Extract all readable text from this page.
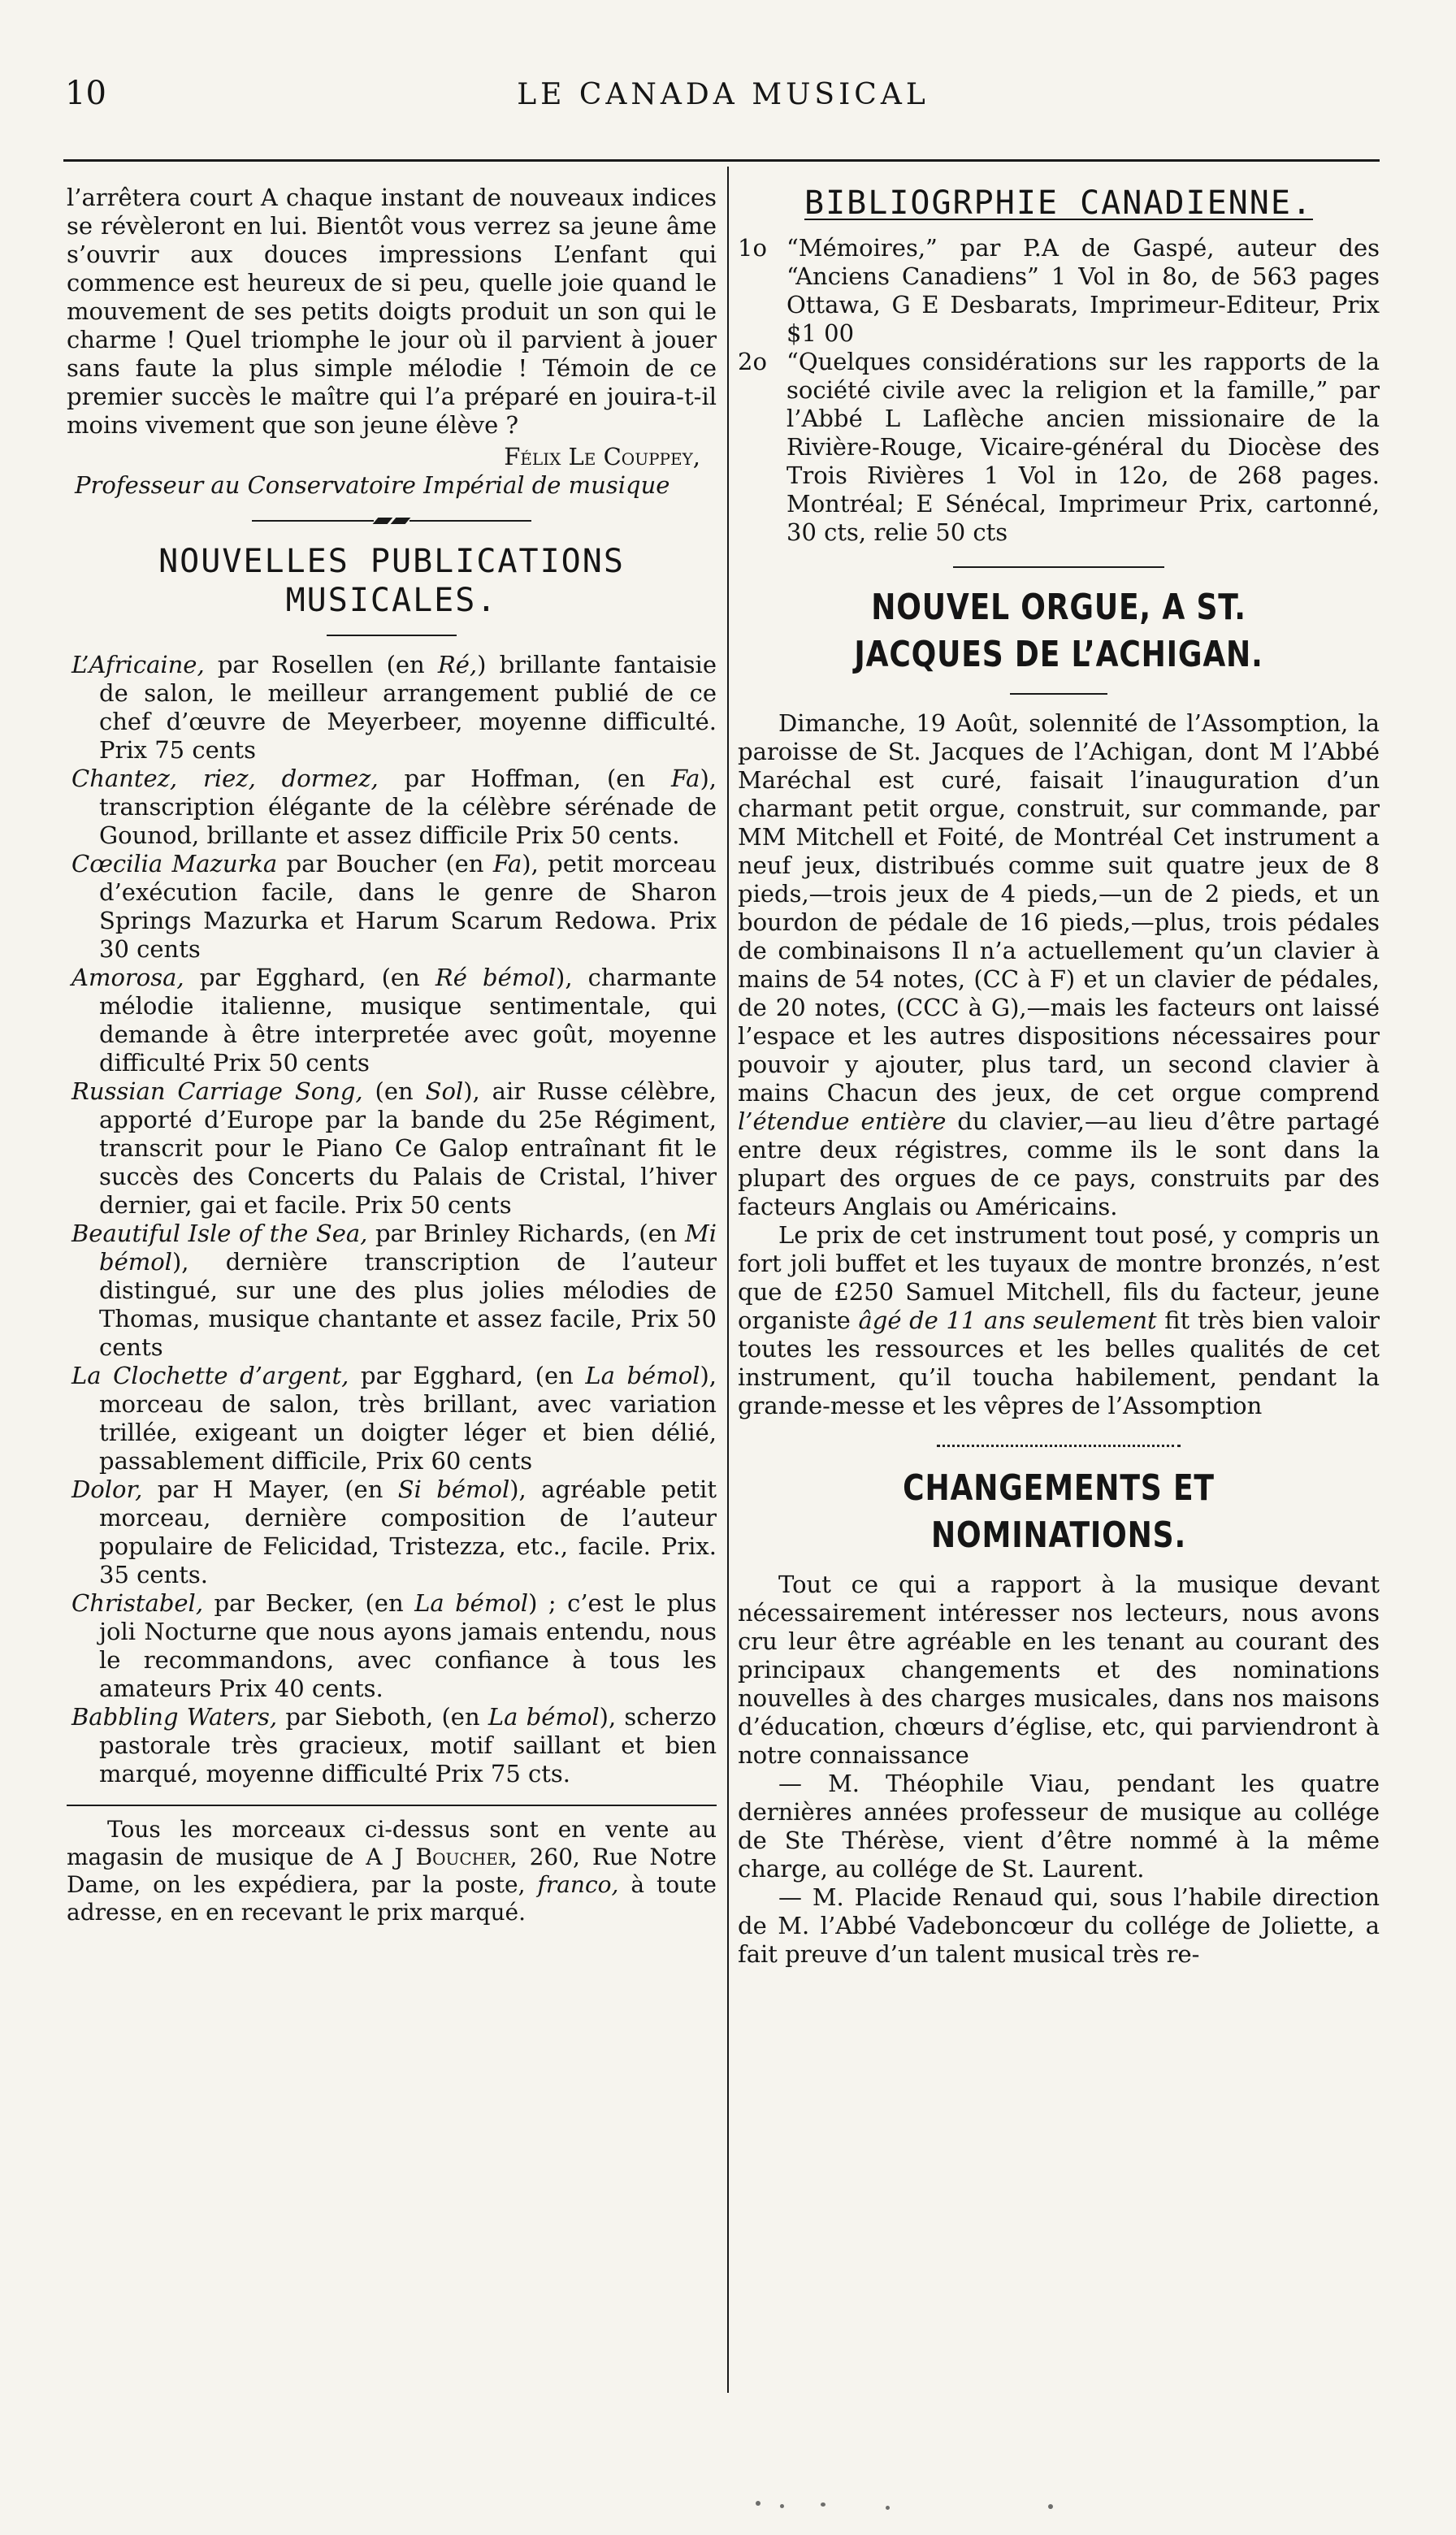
10	LE CANADA MUSICAL

l’arrêtera court A chaque instant de nouveaux indices se révèleront en lui. Bientôt vous verrez sa jeune âme s’ouvrir aux douces impressions L’enfant qui commence est heureux de si peu, quelle joie quand le mouvement de ses petits doigts produit un son qui le charme ! Quel triomphe le jour où il parvient à jouer sans faute la plus simple mélodie ! Témoin de ce premier succès le maître qui l’a préparé en jouira-t-il moins vivement que son jeune élève ?

Félix Le Couppey,

Professeur au Conservatoire Impérial de musique

NOUVELLES PUBLICATIONS MUSICALES.

L’Africaine, par Rosellen (en Ré,) brillante fantaisie de salon, le meilleur arrangement publié de ce chef d’œuvre de Meyerbeer, moyenne difficulté. Prix 75 cents

Chantez, riez, dormez, par Hoffman, (en Fa), transcription élégante de la célèbre sérénade de Gounod, brillante et assez difficile Prix 50 cents.

Cœcilia Mazurka par Boucher (en Fa), petit morceau d’exécution facile, dans le genre de Sharon Springs Mazurka et Harum Scarum Redowa. Prix 30 cents

Amorosa, par Egghard, (en Ré bémol), charmante mélodie italienne, musique sentimentale, qui demande à être interpretée avec goût, moyenne difficulté Prix 50 cents

Russian Carriage Song, (en Sol), air Russe célèbre, apporté d’Europe par la bande du 25e Régiment, transcrit pour le Piano Ce Galop entraînant fit le succès des Concerts du Palais de Cristal, l’hiver dernier, gai et facile. Prix 50 cents

Beautiful Isle of the Sea, par Brinley Richards, (en Mi bémol), dernière transcription de l’auteur distingué, sur une des plus jolies mélodies de Thomas, musique chantante et assez facile, Prix 50 cents

La Clochette d’argent, par Egghard, (en La bémol), morceau de salon, très brillant, avec variation trillée, exigeant un doigter léger et bien délié, passablement difficile, Prix 60 cents

Dolor, par H Mayer, (en Si bémol), agréable petit morceau, dernière composition de l’auteur populaire de Felicidad, Tristezza, etc., facile. Prix. 35 cents.

Christabel, par Becker, (en La bémol) ; c’est le plus joli Nocturne que nous ayons jamais entendu, nous le recommandons, avec confiance à tous les amateurs Prix 40 cents.

Babbling Waters, par Sieboth, (en La bémol), scherzo pastorale très gracieux, motif saillant et bien marqué, moyenne difficulté Prix 75 cts.

Tous les morceaux ci-dessus sont en vente au magasin de musique de A J Boucher, 260, Rue Notre Dame, on les expédiera, par la poste, franco, à toute adresse, en en recevant le prix marqué.

BIBLIOGRPHIE CANADIENNE.
1o “Mémoires,” par P.A de Gaspé, auteur des “Anciens Canadiens” 1 Vol in 8o, de 563 pages Ottawa, G E Desbarats, Imprimeur-Editeur, Prix $1 00

2o “Quelques considérations sur les rapports de la société civile avec la religion et la famille,” par l’Abbé L Laflèche ancien missionaire de la Rivière-Rouge, Vicaire-général du Diocèse des Trois Rivières 1 Vol in 12o, de 268 pages. Montréal; E Sénécal, Imprimeur Prix, cartonné, 30 cts, relie 50 cts

NOUVEL ORGUE, A ST. JACQUES DE L’ACHIGAN.

Dimanche, 19 Août, solennité de l’Assomption, la paroisse de St. Jacques de l’Achigan, dont M l’Abbé Maréchal est curé, faisait l’inauguration d’un charmant petit orgue, construit, sur commande, par MM Mitchell et Foité, de Montréal Cet instrument a neuf jeux, distribués comme suit quatre jeux de 8 pieds,—trois jeux de 4 pieds,—un de 2 pieds, et un bourdon de pédale de 16 pieds,—plus, trois pédales de combinaisons Il n’a actuellement qu’un clavier à mains de 54 notes, (CC à F) et un clavier de pédales, de 20 notes, (CCC à G),—mais les facteurs ont laissé l’espace et les autres dispositions nécessaires pour pouvoir y ajouter, plus tard, un second clavier à mains Chacun des jeux, de cet orgue comprend l’étendue entière du clavier,—au lieu d’être partagé entre deux régistres, comme ils le sont dans la plupart des orgues de ce pays, construits par des facteurs Anglais ou Américains.

Le prix de cet instrument tout posé, y compris un fort joli buffet et les tuyaux de montre bronzés, n’est que de £250 Samuel Mitchell, fils du facteur, jeune organiste âgé de 11 ans seulement fit très bien valoir toutes les ressources et les belles qualités de cet instrument, qu’il toucha habilement, pendant la grande-messe et les vêpres de l’Assomption

CHANGEMENTS ET NOMINATIONS.

Tout ce qui a rapport à la musique devant nécessairement intéresser nos lecteurs, nous avons cru leur être agréable en les tenant au courant des principaux changements et des nominations nouvelles à des charges musicales, dans nos maisons d’éducation, chœurs d’église, etc, qui parviendront à notre connaissance

— M. Théophile Viau, pendant les quatre dernières années professeur de musique au collége de Ste Thérèse, vient d’être nommé à la même charge, au collége de St. Laurent.

— M. Placide Renaud qui, sous l’habile direction de M. l’Abbé Vadeboncœur du collége de Joliette, a fait preuve d’un talent musical très re-
